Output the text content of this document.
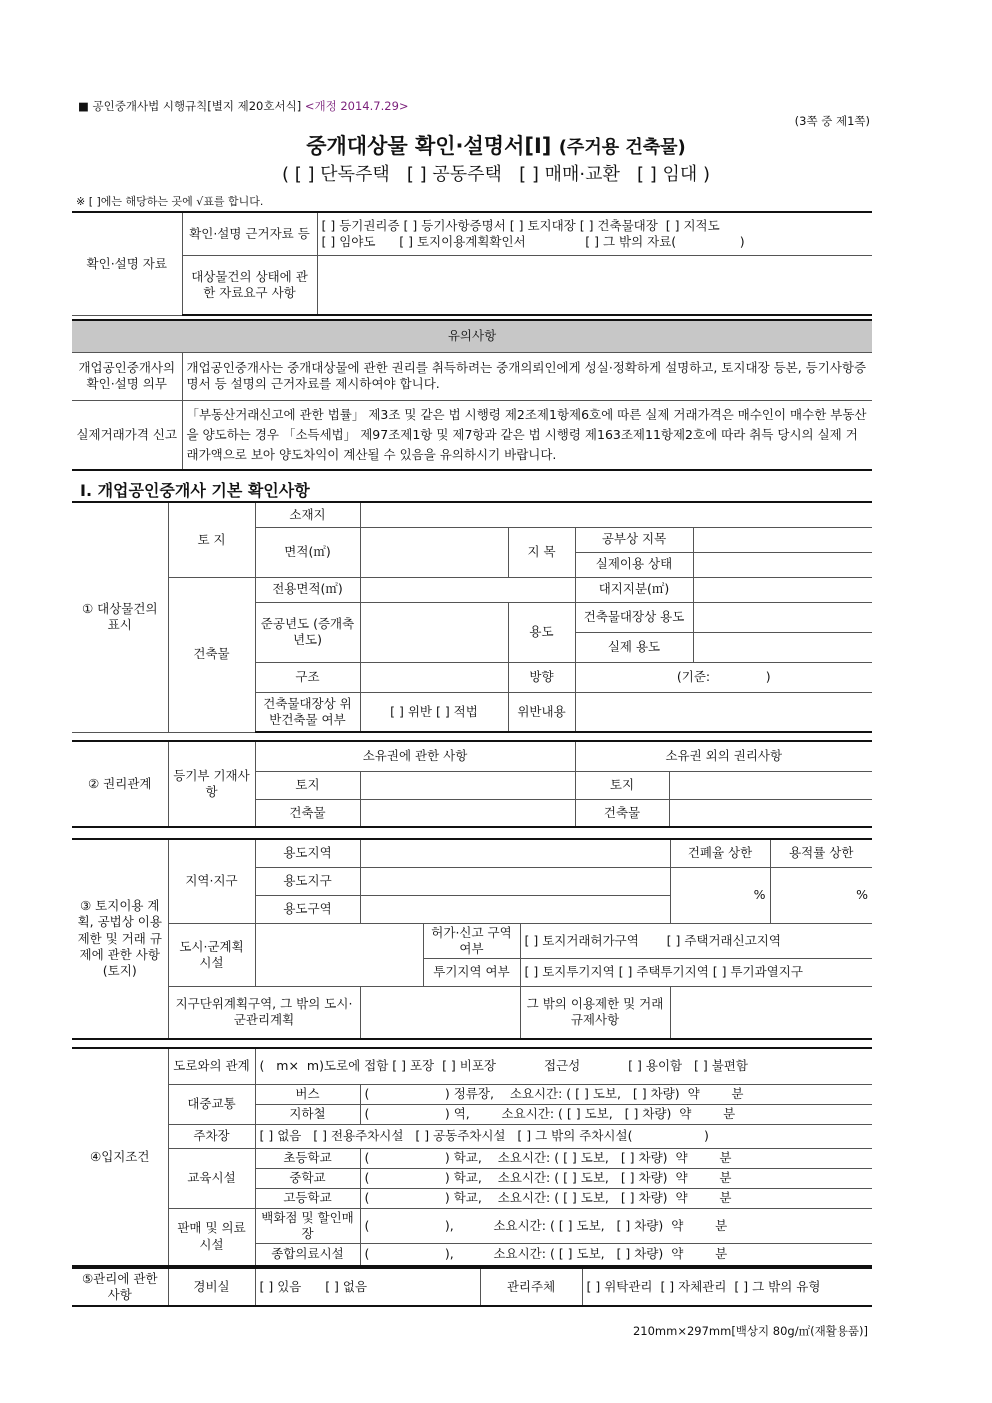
■ 공인중개사법 시행규칙[별지 제20호서식] <개정 2014.7.29>
(3쪽 중 제1쪽)
중개대상물 확인·설명서[Ⅰ] (주거용 건축물)
( [ ] 단독주택   [ ] 공동주택   [ ] 매매·교환   [ ] 임대 )
※ [ ]에는 해당하는 곳에 √표를 합니다.
확인·설명 자료	확인·설명 근거자료 등	[ ] 등기권리증 [ ] 등기사항증명서 [ ] 토지대장 [ ] 건축물대장  [ ] 지적도
[ ] 임야도      [ ] 토지이용계획확인서               [ ] 그 밖의 자료(                )

	대상물건의 상태에 관한 자료요구 사항	
유의사항	
개업공인중개사의 확인·설명 의무	개업공인중개사는 중개대상물에 관한 권리를 취득하려는 중개의뢰인에게 성실·정확하게 설명하고, 토지대장 등본, 등기사항증명서 등 설명의 근거자료를 제시하여야 합니다.
실제거래가격 신고	「부동산거래신고에 관한 법률」 제3조 및 같은 법 시행령 제2조제1항제6호에 따른 실제 거래가격은 매수인이 매수한 부동산을 양도하는 경우 「소득세법」 제97조제1항 및 제7항과 같은 법 시행령 제163조제11항제2호에 따라 취득 당시의 실제 거래가액으로 보아 양도차익이 계산될 수 있음을 유의하시기 바랍니다.
Ⅰ. 개업공인중개사 기본 확인사항
① 대상물건의 표시	토 지	소재지				
		면적(㎡)		지 목	공부상 지목	
					실제이용 상태	
	건축물	전용면적(㎡)			대지지분(㎡)	
		준공년도 (증개축년도)		용도	건축물대장상 용도	
					실제 용도	
		구조		방향	(기준:              )	
		건축물대장상 위반건축물 여부	[ ] 위반 [ ] 적법	위반내용		
② 권리관계	등기부 기재사항	소유권에 관한 사항		소유권 외의 권리사항	
		토지		토지	
		건축물		건축물	
③ 토지이용 계획, 공법상 이용 제한 및 거래 규제에 관한 사항(토지)	지역·지구	용도지역				건폐율 상한	용적률 상한
		용도지구				%	%
		용도구역					
	도시·군계획 시설			허가·신고 구역 여부	[ ] 토지거래허가구역       [ ] 주택거래신고지역		
				투기지역 여부	[ ] 토지투기지역 [ ] 주택투기지역 [ ] 투기과열지구		
	지구단위계획구역, 그 밖의 도시·군관리계획				그 밖의 이용제한 및 거래규제사항		
④입지조건	도로와의 관계	(   m×  m)도로에 접함 [ ] 포장  [ ] 비포장 접근성 [ ] 용이함   [ ] 불편함	
	대중교통	버스	(                   ) 정류장,    소요시간: ( [ ] 도보,   [ ] 차량)  약        분
		지하철	(                   ) 역,        소요시간: ( [ ] 도보,   [ ] 차량)  약        분
	주차장	[ ] 없음   [ ] 전용주차시설   [ ] 공동주차시설   [ ] 그 밖의 주차시설(                  )	
	교육시설	초등학교	(                   ) 학교,    소요시간: ( [ ] 도보,   [ ] 차량)  약        분
		중학교	(                   ) 학교,    소요시간: ( [ ] 도보,   [ ] 차량)  약        분
		고등학교	(                   ) 학교,    소요시간: ( [ ] 도보,   [ ] 차량)  약        분
	판매 및 의료시설	백화점 및 할인매장	(                   ),          소요시간: ( [ ] 도보,   [ ] 차량)  약        분
		종합의료시설	(                   ),          소요시간: ( [ ] 도보,   [ ] 차량)  약        분
⑤관리에 관한사항	경비실	[ ] 있음      [ ] 없음	관리주체	[ ] 위탁관리  [ ] 자체관리  [ ] 그 밖의 유형
210mm×297mm[백상지 80g/㎡(재활용품)]
